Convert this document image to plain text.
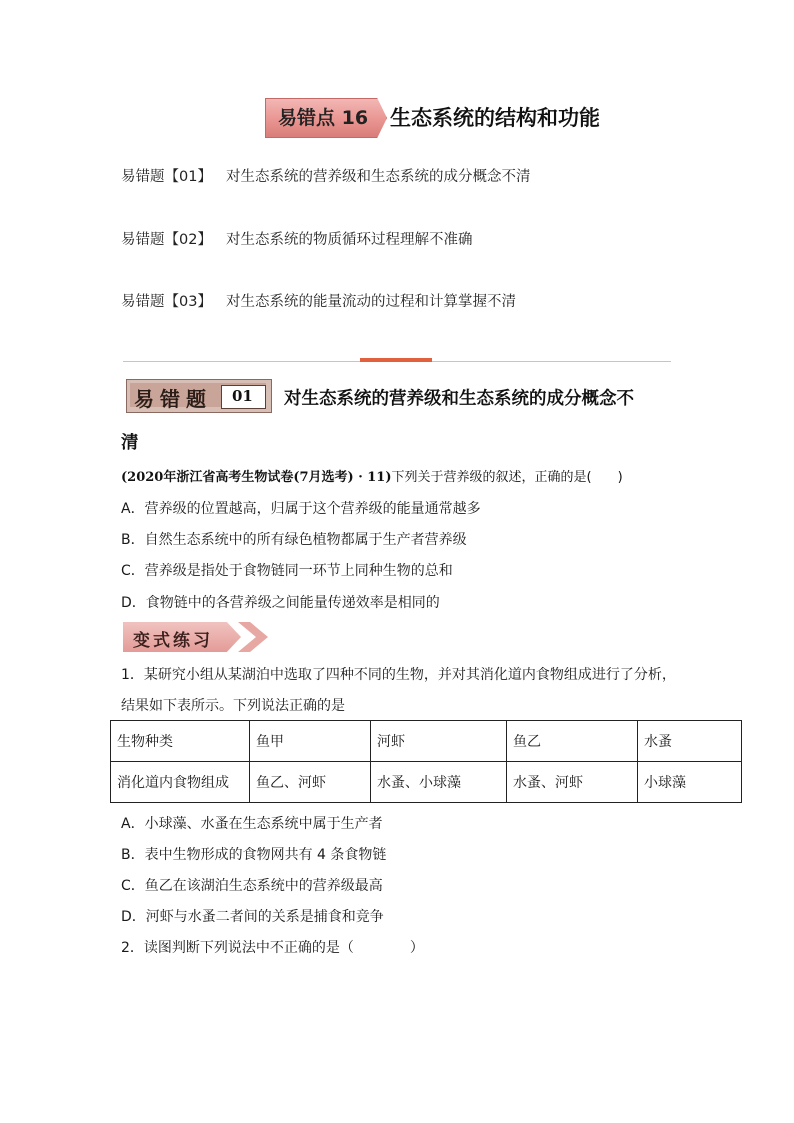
易错点 16 生态系统的结构和功能
易错题【01】 对生态系统的营养级和生态系统的成分概念不清
易错题【02】 对生态系统的物质循环过程理解不准确
易错题【03】 对生态系统的能量流动的过程和计算掌握不清
易错题 01 对生态系统的营养级和生态系统的成分概念不
清
(2020年浙江省高考生物试卷(7月选考) · 11)下列关于营养级的叙述，正确的是(　　)
A．营养级的位置越高，归属于这个营养级的能量通常越多
B．自然生态系统中的所有绿色植物都属于生产者营养级
C．营养级是指处于食物链同一环节上同种生物的总和
D．食物链中的各营养级之间能量传递效率是相同的
变式练习
1．某研究小组从某湖泊中选取了四种不同的生物，并对其消化道内食物组成进行了分析，
结果如下表所示。下列说法正确的是
生物种类	鱼甲	河虾	鱼乙	水蚤
消化道内食物组成	鱼乙、河虾	水蚤、小球藻	水蚤、河虾	小球藻
A．小球藻、水蚤在生态系统中属于生产者
B．表中生物形成的食物网共有 4 条食物链
C．鱼乙在该湖泊生态系统中的营养级最高
D．河虾与水蚤二者间的关系是捕食和竞争
2．读图判断下列说法中不正确的是（　　　　）
